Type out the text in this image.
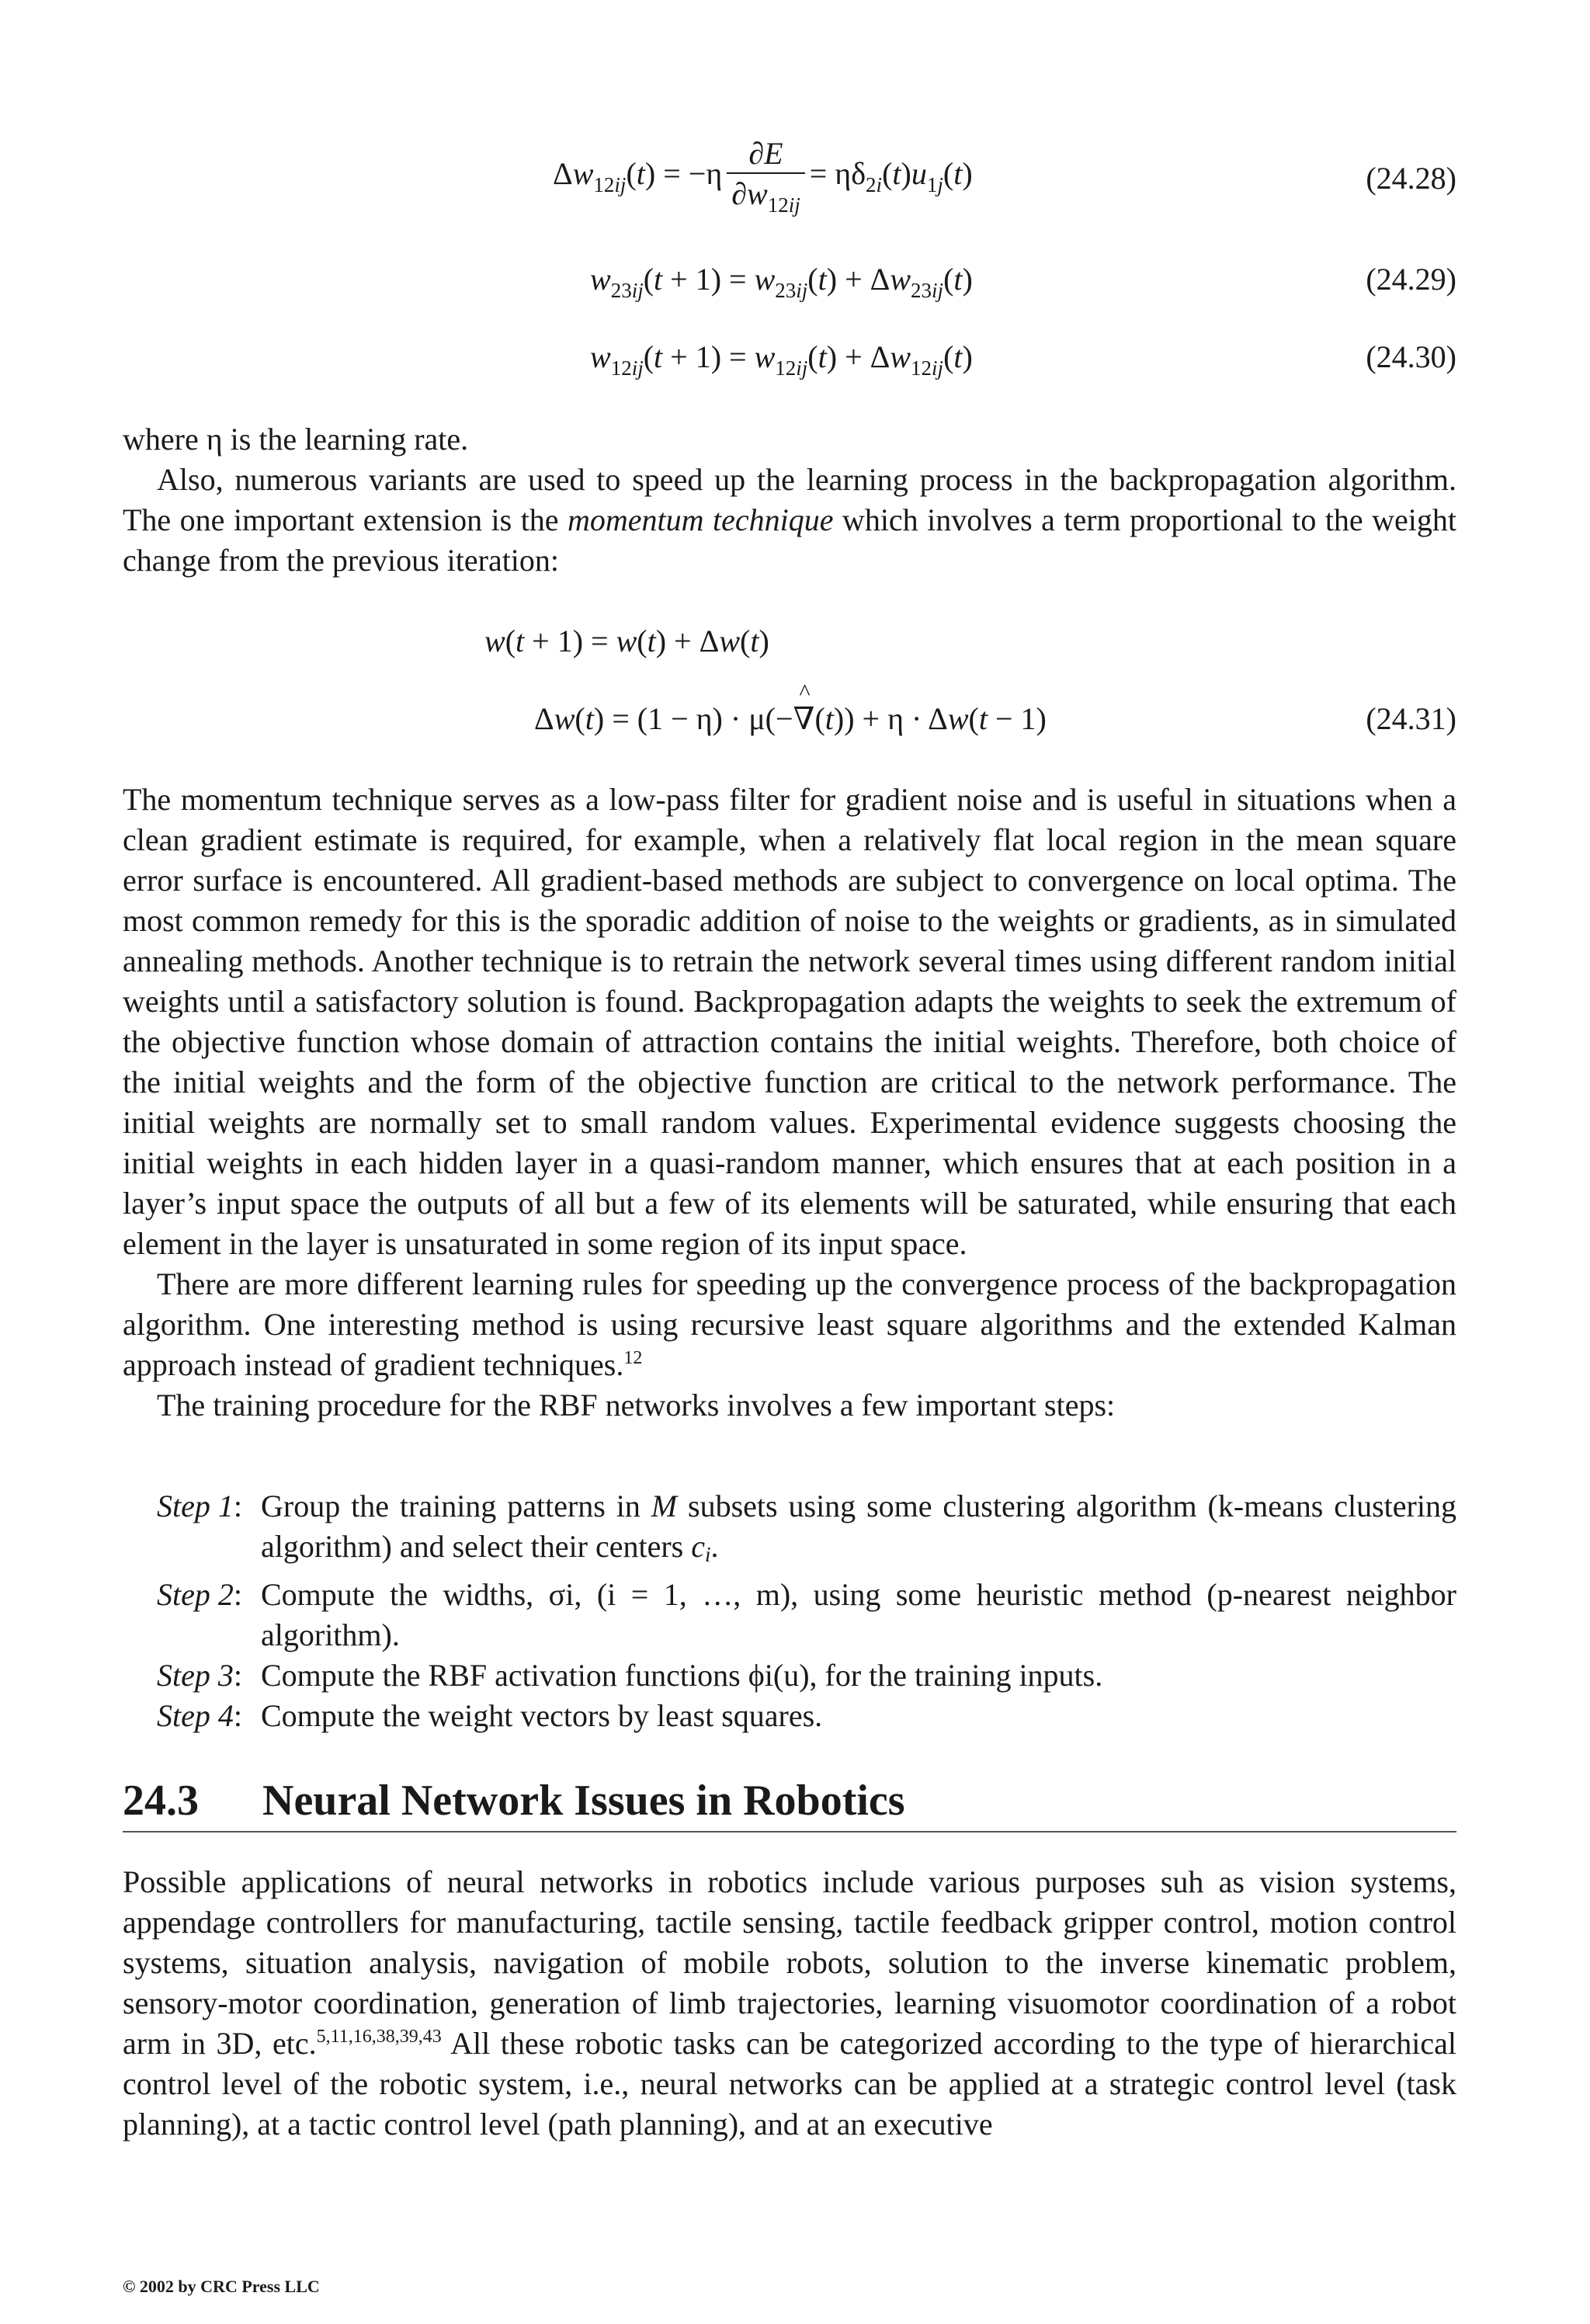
$\Delta w_{12ij}(t) = -\eta \frac{\partial E}{\partial w_{12ij}} = \eta\delta_{2i}(t)u_{1j}(t)$	(24.28)
$w_{23ij}(t + 1) = w_{23ij}(t) + \Delta w_{23ij}(t)$	(24.29)
$w_{12ij}(t + 1) = w_{12ij}(t) + \Delta w_{12ij}(t)$	(24.30)

where η is the learning rate.

Also, numerous variants are used to speed up the learning process in the backpropagation algorithm. The one important extension is the momentum technique which involves a term proportional to the weight change from the previous iteration:

w(t + 1) = w(t) + Δw(t)
Δw(t) = (1 − η) · μ(−∇
^
(t)) + η · Δw(t − 1)	(24.31)

The momentum technique serves as a low-pass filter for gradient noise and is useful in situations when a clean gradient estimate is required, for example, when a relatively flat local region in the mean square error surface is encountered. All gradient-based methods are subject to convergence on local optima. The most common remedy for this is the sporadic addition of noise to the weights or gradients, as in simulated annealing methods. Another technique is to retrain the network several times using different random initial weights until a satisfactory solution is found. Backpropagation adapts the weights to seek the extremum of the objective function whose domain of attraction contains the initial weights. Therefore, both choice of the initial weights and the form of the objective function are critical to the network performance. The initial weights are normally set to small random values. Experimental evidence suggests choosing the initial weights in each hidden layer in a quasi-random manner, which ensures that at each position in a layer’s input space the outputs of all but a few of its elements will be saturated, while ensuring that each element in the layer is unsaturated in some region of its input space.

There are more different learning rules for speeding up the convergence process of the backpropagation algorithm. One interesting method is using recursive least square algorithms and the extended Kalman approach instead of gradient techniques.$^{12}$

The training procedure for the RBF networks involves a few important steps:

Step 1: Group the training patterns in M subsets using some clustering algorithm (k-means clustering algorithm) and select their centers $c_i$.
Step 2: Compute the widths, σi, (i = 1, …, m), using some heuristic method (p-nearest neighbor algorithm).
Step 3: Compute the RBF activation functions ϕi(u), for the training inputs.
Step 4: Compute the weight vectors by least squares.
24.3 Neural Network Issues in Robotics

Possible applications of neural networks in robotics include various purposes suh as vision systems, appendage controllers for manufacturing, tactile sensing, tactile feedback gripper control, motion control systems, situation analysis, navigation of mobile robots, solution to the inverse kinematic problem, sensory-motor coordination, generation of limb trajectories, learning visuomotor coordination of a robot arm in 3D, etc.$^{5,11,16,38,39,43}$ All these robotic tasks can be categorized according to the type of hierarchical control level of the robotic system, i.e., neural networks can be applied at a strategic control level (task planning), at a tactic control level (path planning), and at an executive

© 2002 by CRC Press LLC
